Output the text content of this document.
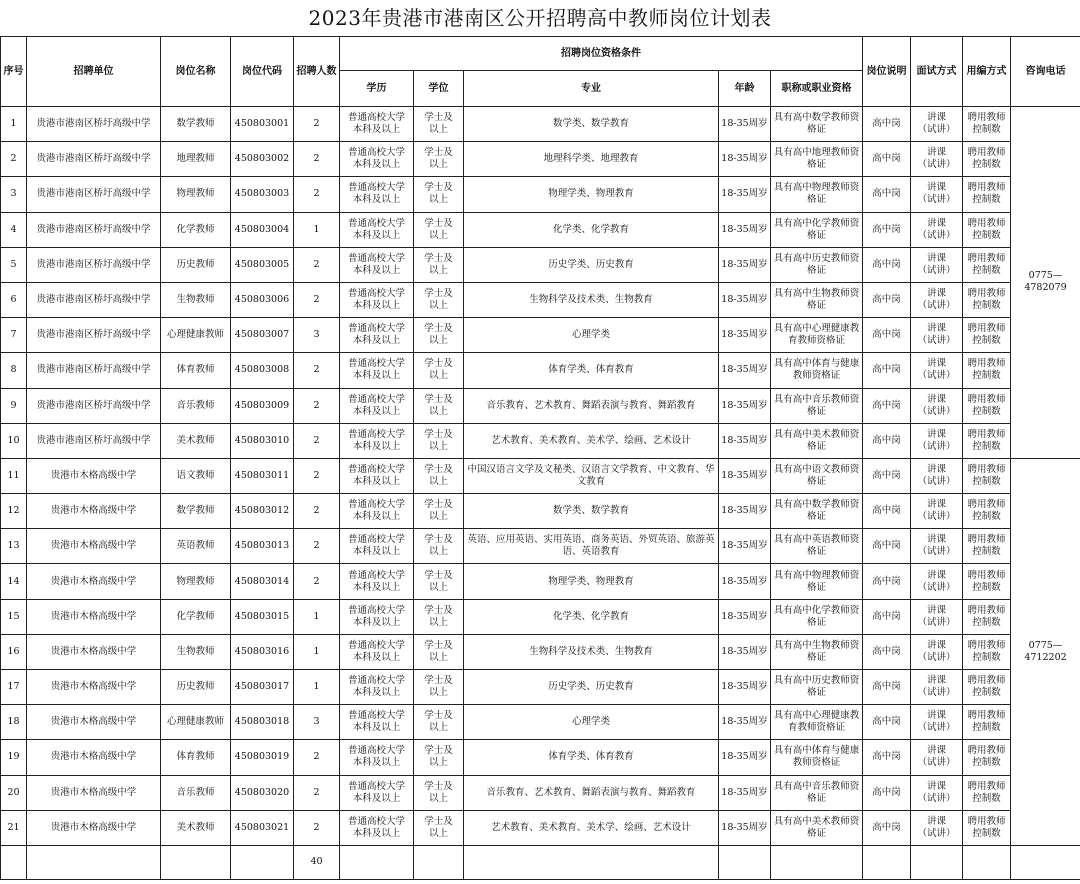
2023年贵港市港南区公开招聘高中教师岗位计划表
序号	招聘单位	岗位名称	岗位代码	招聘人数	招聘岗位资格条件					岗位说明	面试方式	用编方式	咨询电话
					学历	学位	专业	年龄	职称或职业资格				
1	贵港市港南区桥圩高级中学	数学教师	450803001	2	普通高校大学
本科及以上	学士及
以上	数学类、数学教育	18-35周岁	具有高中数学教师资
格证	高中岗	讲课
（试讲）	聘用教师
控制数	0775—4782079
2	贵港市港南区桥圩高级中学	地理教师	450803002	2	普通高校大学
本科及以上	学士及
以上	地理科学类、地理教育	18-35周岁	具有高中地理教师资
格证	高中岗	讲课
（试讲）	聘用教师
控制数	
3	贵港市港南区桥圩高级中学	物理教师	450803003	2	普通高校大学
本科及以上	学士及
以上	物理学类、物理教育	18-35周岁	具有高中物理教师资
格证	高中岗	讲课
（试讲）	聘用教师
控制数	
4	贵港市港南区桥圩高级中学	化学教师	450803004	1	普通高校大学
本科及以上	学士及
以上	化学类、化学教育	18-35周岁	具有高中化学教师资
格证	高中岗	讲课
（试讲）	聘用教师
控制数	
5	贵港市港南区桥圩高级中学	历史教师	450803005	2	普通高校大学
本科及以上	学士及
以上	历史学类、历史教育	18-35周岁	具有高中历史教师资
格证	高中岗	讲课
（试讲）	聘用教师
控制数	
6	贵港市港南区桥圩高级中学	生物教师	450803006	2	普通高校大学
本科及以上	学士及
以上	生物科学及技术类、生物教育	18-35周岁	具有高中生物教师资
格证	高中岗	讲课
（试讲）	聘用教师
控制数	
7	贵港市港南区桥圩高级中学	心理健康教师	450803007	3	普通高校大学
本科及以上	学士及
以上	心理学类	18-35周岁	具有高中心理健康教
育教师资格证	高中岗	讲课
（试讲）	聘用教师
控制数	
8	贵港市港南区桥圩高级中学	体育教师	450803008	2	普通高校大学
本科及以上	学士及
以上	体育学类、体育教育	18-35周岁	具有高中体育与健康
教师资格证	高中岗	讲课
（试讲）	聘用教师
控制数	
9	贵港市港南区桥圩高级中学	音乐教师	450803009	2	普通高校大学
本科及以上	学士及
以上	音乐教育、艺术教育、舞蹈表演与教育、舞蹈教育	18-35周岁	具有高中音乐教师资
格证	高中岗	讲课
（试讲）	聘用教师
控制数	
10	贵港市港南区桥圩高级中学	美术教师	450803010	2	普通高校大学
本科及以上	学士及
以上	艺术教育、美术教育、美术学、绘画、艺术设计	18-35周岁	具有高中美术教师资
格证	高中岗	讲课
（试讲）	聘用教师
控制数	
11	贵港市木格高级中学	语文教师	450803011	2	普通高校大学
本科及以上	学士及
以上	中国汉语言文学及文秘类、汉语言文学教育、中文教育、华
文教育	18-35周岁	具有高中语文教师资
格证	高中岗	讲课
（试讲）	聘用教师
控制数	0775—4712202
12	贵港市木格高级中学	数学教师	450803012	2	普通高校大学
本科及以上	学士及
以上	数学类、数学教育	18-35周岁	具有高中数学教师资
格证	高中岗	讲课
（试讲）	聘用教师
控制数	
13	贵港市木格高级中学	英语教师	450803013	2	普通高校大学
本科及以上	学士及
以上	英语、应用英语、实用英语、商务英语、外贸英语、旅游英
语、英语教育	18-35周岁	具有高中英语教师资
格证	高中岗	讲课
（试讲）	聘用教师
控制数	
14	贵港市木格高级中学	物理教师	450803014	2	普通高校大学
本科及以上	学士及
以上	物理学类、物理教育	18-35周岁	具有高中物理教师资
格证	高中岗	讲课
（试讲）	聘用教师
控制数	
15	贵港市木格高级中学	化学教师	450803015	1	普通高校大学
本科及以上	学士及
以上	化学类、化学教育	18-35周岁	具有高中化学教师资
格证	高中岗	讲课
（试讲）	聘用教师
控制数	
16	贵港市木格高级中学	生物教师	450803016	1	普通高校大学
本科及以上	学士及
以上	生物科学及技术类、生物教育	18-35周岁	具有高中生物教师资
格证	高中岗	讲课
（试讲）	聘用教师
控制数	
17	贵港市木格高级中学	历史教师	450803017	1	普通高校大学
本科及以上	学士及
以上	历史学类、历史教育	18-35周岁	具有高中历史教师资
格证	高中岗	讲课
（试讲）	聘用教师
控制数	
18	贵港市木格高级中学	心理健康教师	450803018	3	普通高校大学
本科及以上	学士及
以上	心理学类	18-35周岁	具有高中心理健康教
育教师资格证	高中岗	讲课
（试讲）	聘用教师
控制数	
19	贵港市木格高级中学	体育教师	450803019	2	普通高校大学
本科及以上	学士及
以上	体育学类、体育教育	18-35周岁	具有高中体育与健康
教师资格证	高中岗	讲课
（试讲）	聘用教师
控制数	
20	贵港市木格高级中学	音乐教师	450803020	2	普通高校大学
本科及以上	学士及
以上	音乐教育、艺术教育、舞蹈表演与教育、舞蹈教育	18-35周岁	具有高中音乐教师资
格证	高中岗	讲课
（试讲）	聘用教师
控制数	
21	贵港市木格高级中学	美术教师	450803021	2	普通高校大学
本科及以上	学士及
以上	艺术教育、美术教育、美术学、绘画、艺术设计	18-35周岁	具有高中美术教师资
格证	高中岗	讲课
（试讲）	聘用教师
控制数	
				40									
